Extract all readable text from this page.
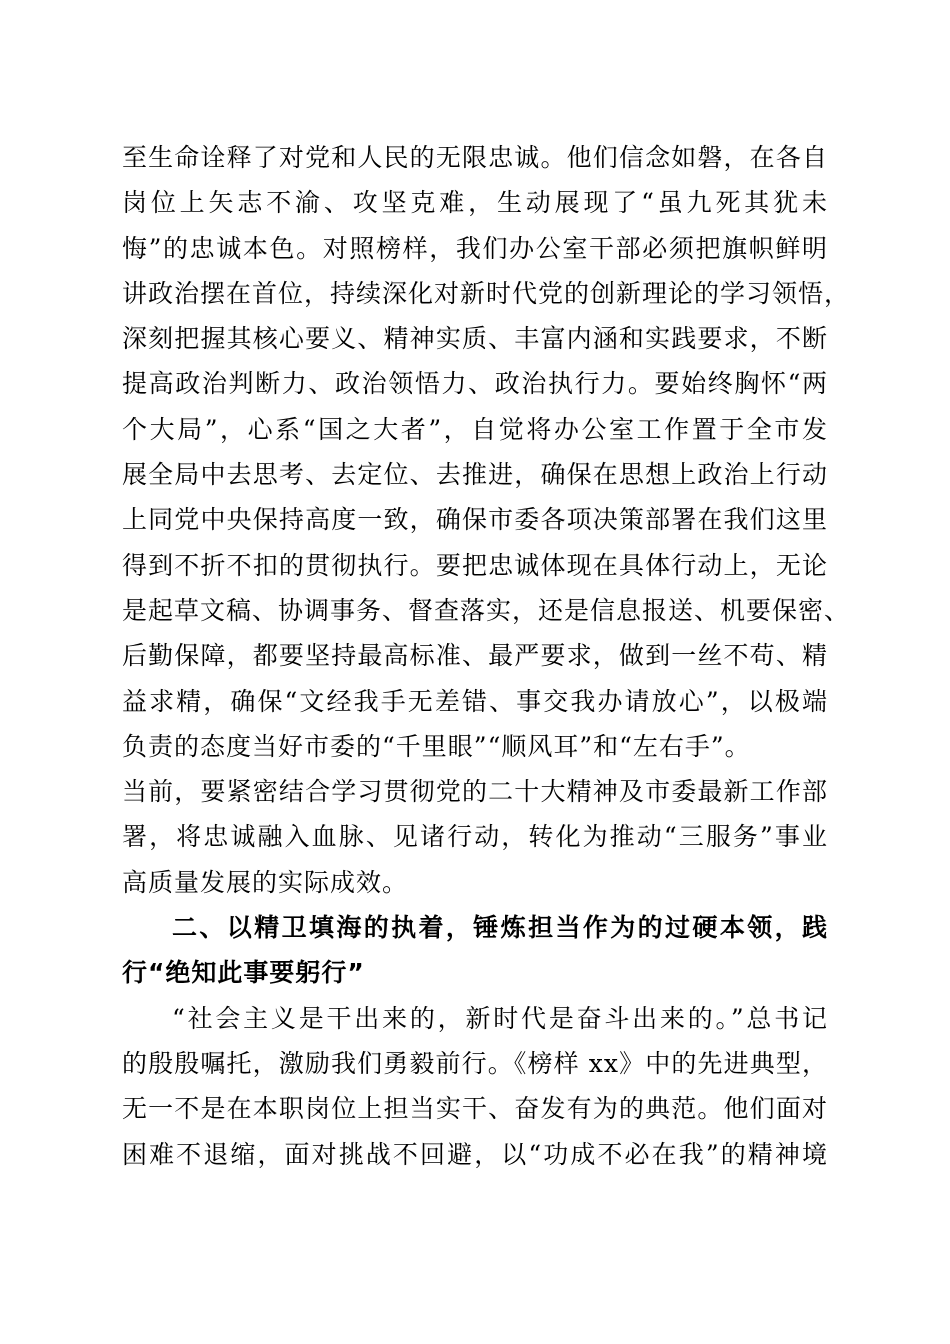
至生命诠释了对党和人民的无限忠诚。他们信念如磐，在各自
岗位上矢志不渝、攻坚克难，生动展现了“虽九死其犹未
悔”的忠诚本色。对照榜样，我们办公室干部必须把旗帜鲜明
讲政治摆在首位，持续深化对新时代党的创新理论的学习领悟，
深刻把握其核心要义、精神实质、丰富内涵和实践要求，不断
提高政治判断力、政治领悟力、政治执行力。要始终胸怀“两
个大局”，心系“国之大者”，自觉将办公室工作置于全市发
展全局中去思考、去定位、去推进，确保在思想上政治上行动
上同党中央保持高度一致，确保市委各项决策部署在我们这里
得到不折不扣的贯彻执行。要把忠诚体现在具体行动上，无论
是起草文稿、协调事务、督查落实，还是信息报送、机要保密、
后勤保障，都要坚持最高标准、最严要求，做到一丝不苟、精
益求精，确保“文经我手无差错、事交我办请放心”，以极端
负责的态度当好市委的“千里眼”“顺风耳”和“左右手”。
当前，要紧密结合学习贯彻党的二十大精神及市委最新工作部
署，将忠诚融入血脉、见诸行动，转化为推动“三服务”事业
高质量发展的实际成效。
二、以精卫填海的执着，锤炼担当作为的过硬本领，践
行“绝知此事要躬行”
“社会主义是干出来的，新时代是奋斗出来的。”总书记
的殷殷嘱托，激励我们勇毅前行。《榜样 xx》中的先进典型，
无一不是在本职岗位上担当实干、奋发有为的典范。他们面对
困难不退缩，面对挑战不回避，以“功成不必在我”的精神境
